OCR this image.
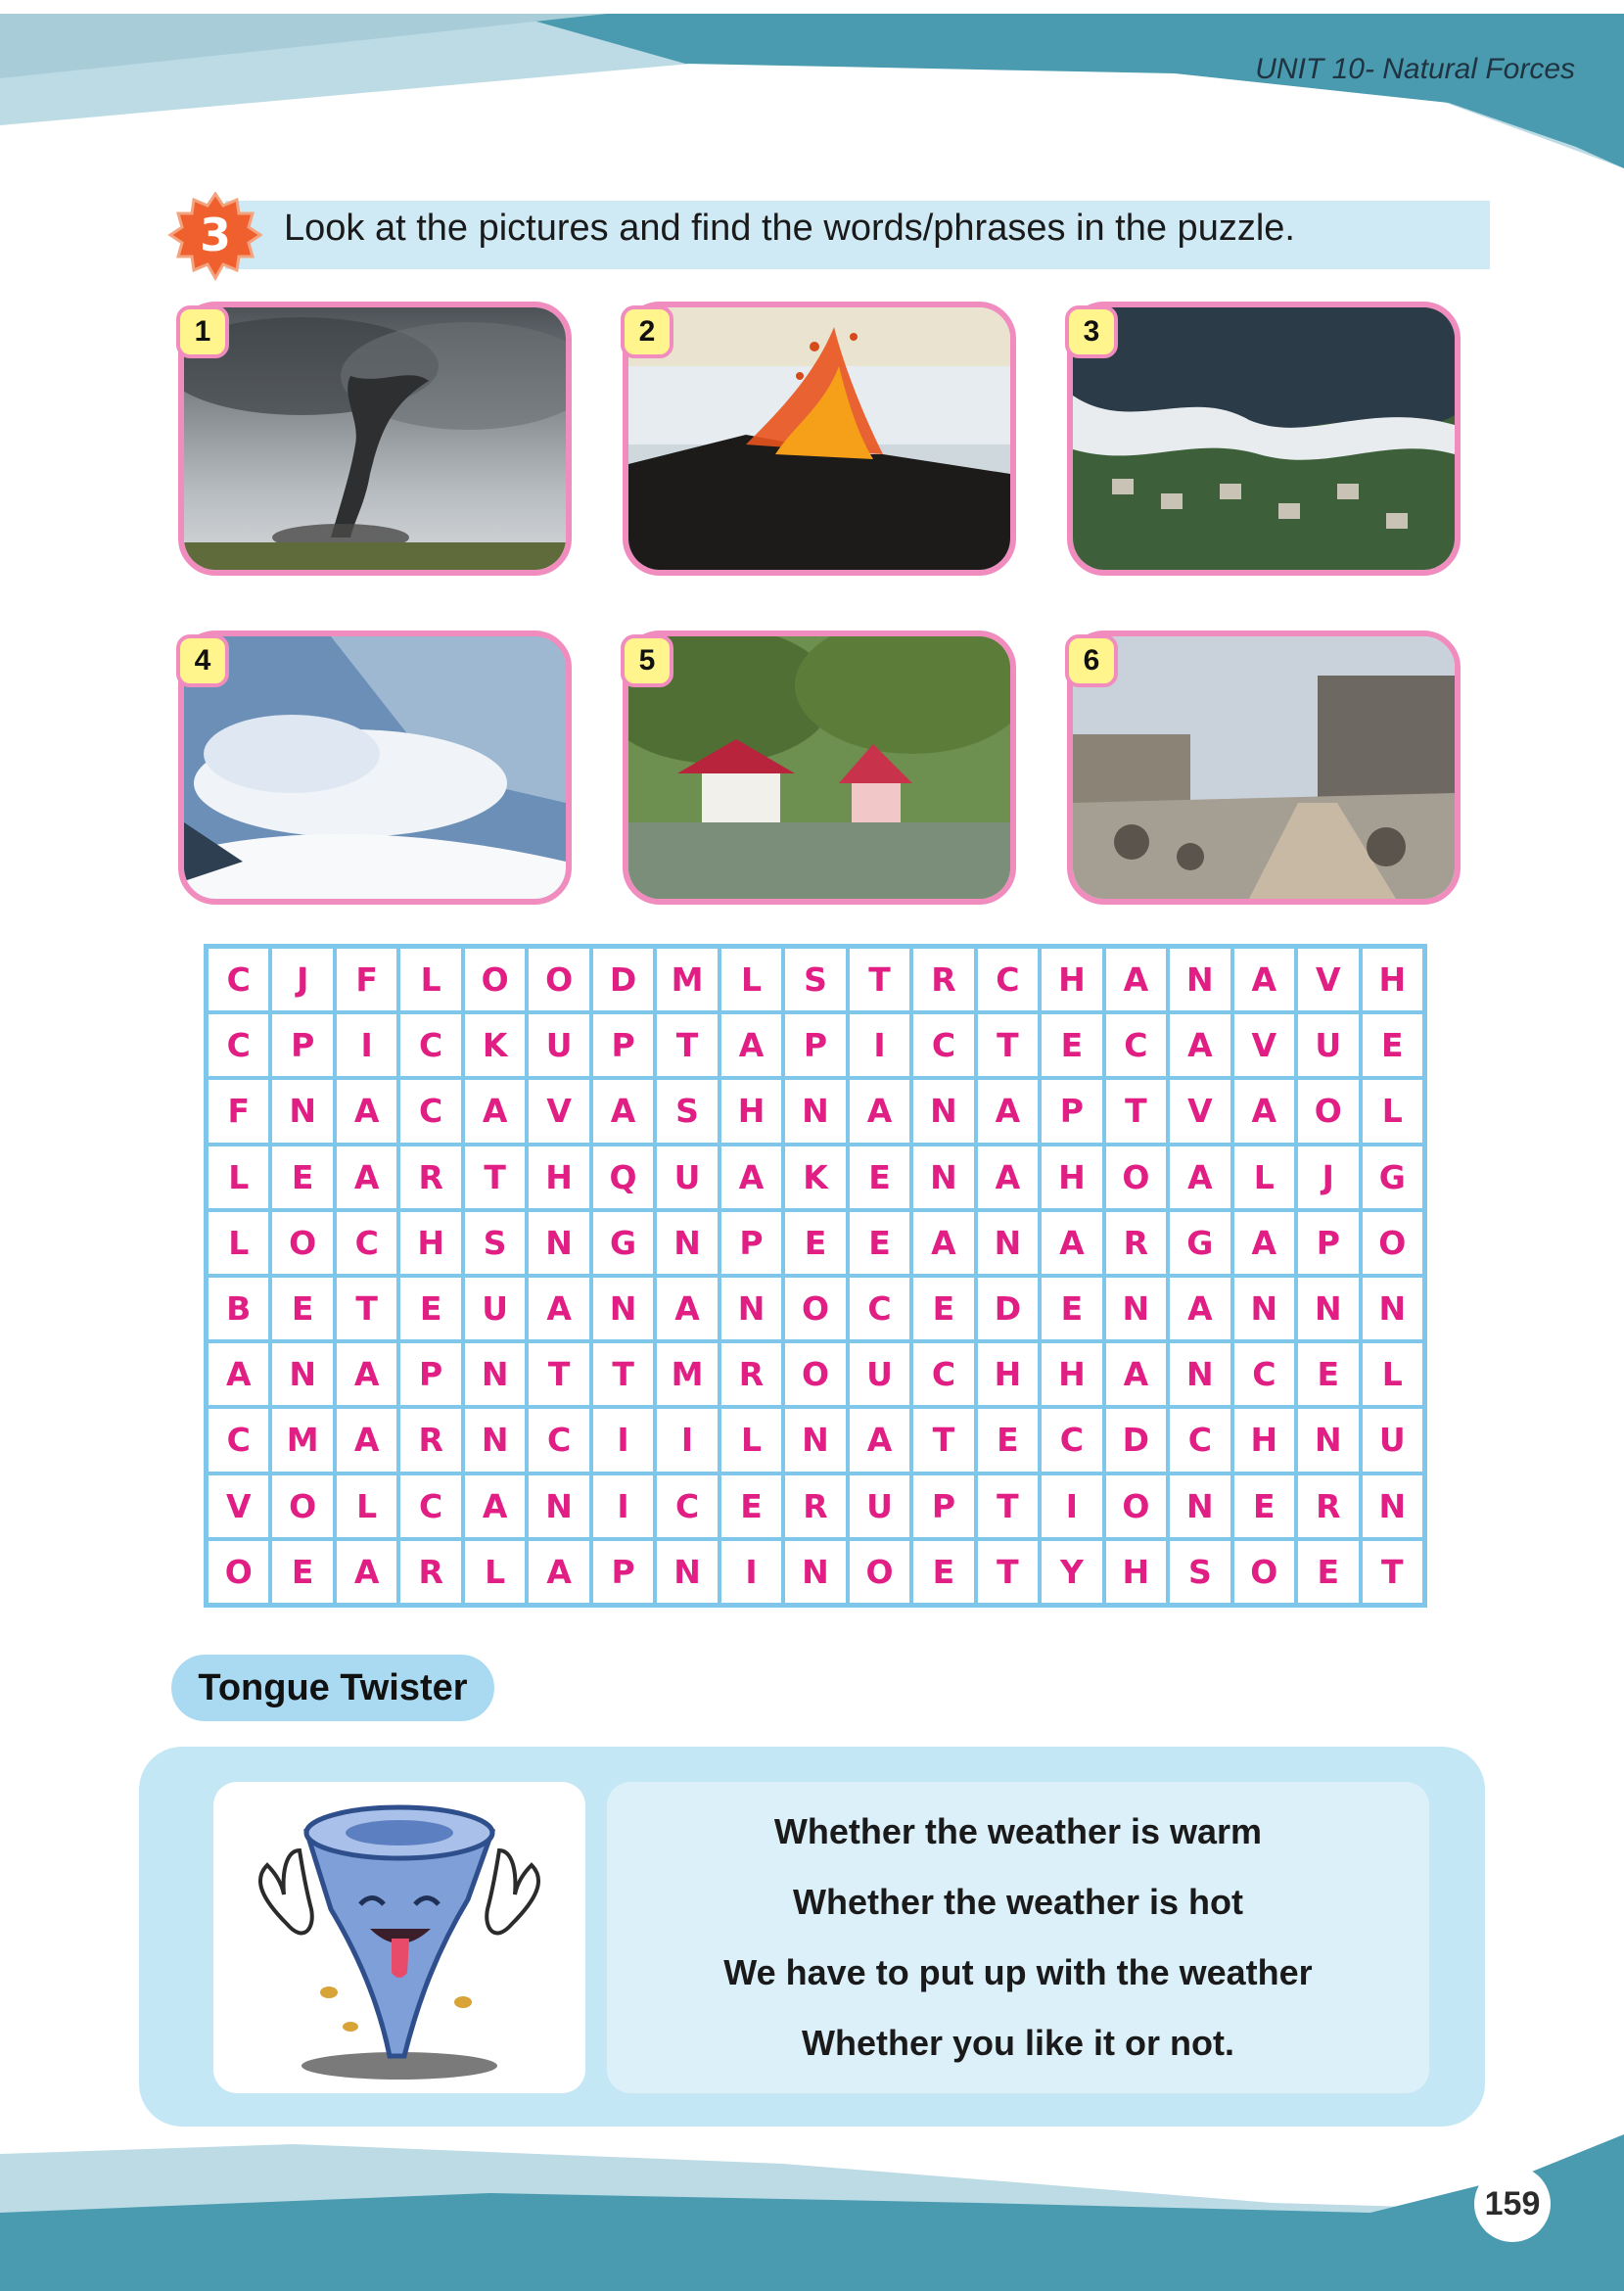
UNIT 10- Natural Forces
3 Look at the pictures and find the words/phrases in the puzzle.
1	2	3
4	5	6
C	J	F	L	O	O	D	M	L	S	T	R	C	H	A	N	A	V	H
C	P	I	C	K	U	P	T	A	P	I	C	T	E	C	A	V	U	E
F	N	A	C	A	V	A	S	H	N	A	N	A	P	T	V	A	O	L
L	E	A	R	T	H	Q	U	A	K	E	N	A	H	O	A	L	J	G
L	O	C	H	S	N	G	N	P	E	E	A	N	A	R	G	A	P	O
B	E	T	E	U	A	N	A	N	O	C	E	D	E	N	A	N	N	N
A	N	A	P	N	T	T	M	R	O	U	C	H	H	A	N	C	E	L
C	M	A	R	N	C	I	I	L	N	A	T	E	C	D	C	H	N	U
V	O	L	C	A	N	I	C	E	R	U	P	T	I	O	N	E	R	N
O	E	A	R	L	A	P	N	I	N	O	E	T	Y	H	S	O	E	T
Tongue Twister
Whether the weather is warm
Whether the weather is hot
We have to put up with the weather
Whether you like it or not.
159
